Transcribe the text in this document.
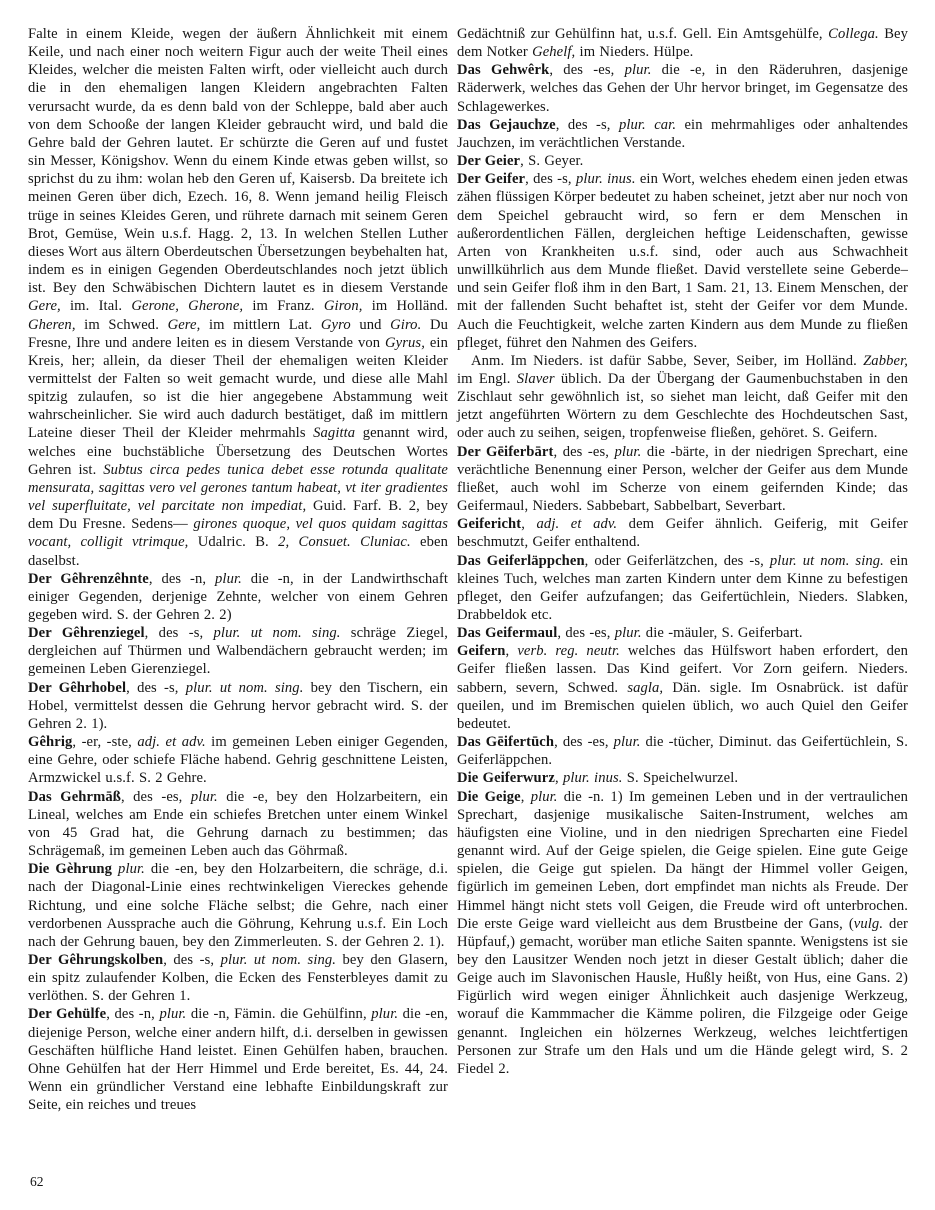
Falte in einem Kleide, wegen der äußern Ähnlichkeit mit einem Keile, und nach einer noch weitern Figur auch der weite Theil eines Kleides, welcher die meisten Falten wirft, oder vielleicht auch durch die in den ehemaligen langen Kleidern angebrachten Falten verursacht wurde, da es denn bald von der Schleppe, bald aber auch von dem Schooße der langen Kleider gebraucht wird, und bald die Gehre bald der Gehren lautet. Er schürzte die Geren auf und fustet sin Messer, Königshov. Wenn du einem Kinde etwas geben willst, so sprichst du zu ihm: wolan heb den Geren uf, Kaisersb. Da breitete ich meinen Geren über dich, Ezech. 16, 8. Wenn jemand heilig Fleisch trüge in seines Kleides Geren, und rührete darnach mit seinem Geren Brot, Gemüse, Wein u.s.f. Hagg. 2, 13. In welchen Stellen Luther dieses Wort aus ältern Oberdeutschen Übersetzungen beybehalten hat, indem es in einigen Gegenden Oberdeutschlandes noch jetzt üblich ist. Bey den Schwäbischen Dichtern lautet es in diesem Verstande Gere, im. Ital. Gerone, Gherone, im Franz. Giron, im Holländ. Gheren, im Schwed. Gere, im mittlern Lat. Gyro und Giro. Du Fresne, Ihre und andere leiten es in diesem Verstande von Gyrus, ein Kreis, her; allein, da dieser Theil der ehemaligen weiten Kleider vermittelst der Falten so weit gemacht wurde, und diese alle Mahl spitzig zulaufen, so ist die hier angegebene Abstammung weit wahrscheinlicher. Sie wird auch dadurch bestätiget, daß im mittlern Lateine dieser Theil der Kleider mehrmahls Sagitta genannt wird, welches eine buchstäbliche Übersetzung des Deutschen Wortes Gehren ist. Subtus circa pedes tunica debet esse rotunda qualitate mensurata, sagittas vero vel gerones tantum habeat, vt iter gradientes vel superfluitate, vel parcitate non impediat, Guid. Farf. B. 2, bey dem Du Fresne. Sedens— girones quoque, vel quos quidam sagittas vocant, colligit vtrimque, Udalric. B. 2, Consuet. Cluniac. eben daselbst.

Der Gêhrenzêhnte, des -n, plur. die -n, in der Landwirthschaft einiger Gegenden, derjenige Zehnte, welcher von einem Gehren gegeben wird. S. der Gehren 2. 2)

Der Gêhrenziegel, des -s, plur. ut nom. sing. schräge Ziegel, dergleichen auf Thürmen und Walbendächern gebraucht werden; im gemeinen Leben Gierenziegel.

Der Gêhrhobel, des -s, plur. ut nom. sing. bey den Tischern, ein Hobel, vermittelst dessen die Gehrung hervor gebracht wird. S. der Gehren 2. 1).

Gêhrig, -er, -ste, adj. et adv. im gemeinen Leben einiger Gegenden, eine Gehre, oder schiefe Fläche habend. Gehrig geschnittene Leisten, Armzwickel u.s.f. S. 2 Gehre.

Das Gehrmāß, des -es, plur. die -e, bey den Holzarbeitern, ein Lineal, welches am Ende ein schiefes Bretchen unter einem Winkel von 45 Grad hat, die Gehrung darnach zu bestimmen; das Schrägemaß, im gemeinen Leben auch das Göhrmaß.

Die Gèhrung plur. die -en, bey den Holzarbeitern, die schräge, d.i. nach der Diagonal-Linie eines rechtwinkeligen Viereckes gehende Richtung, und eine solche Fläche selbst; die Gehre, nach einer verdorbenen Aussprache auch die Göhrung, Kehrung u.s.f. Ein Loch nach der Gehrung bauen, bey den Zimmerleuten. S. der Gehren 2. 1).

Der Gêhrungskolben, des -s, plur. ut nom. sing. bey den Glasern, ein spitz zulaufender Kolben, die Ecken des Fensterbleyes damit zu verlöthen. S. der Gehren 1.

Der Gehülfe, des -n, plur. die -n, Fämin. die Gehülfinn, plur. die -en, diejenige Person, welche einer andern hilft, d.i. derselben in gewissen Geschäften hülfliche Hand leistet. Einen Gehülfen haben, brauchen. Ohne Gehülfen hat der Herr Himmel und Erde bereitet, Es. 44, 24. Wenn ein gründlicher Verstand eine lebhafte Einbildungskraft zur Seite, ein reiches und treues

Gedächtniß zur Gehülfinn hat, u.s.f. Gell. Ein Amtsgehülfe, Collega. Bey dem Notker Gehelf, im Nieders. Hülpe.

Das Gehwêrk, des -es, plur. die -e, in den Räderuhren, dasjenige Räderwerk, welches das Gehen der Uhr hervor bringet, im Gegensatze des Schlagewerkes.

Das Gejauchze, des -s, plur. car. ein mehrmahliges oder anhaltendes Jauchzen, im verächtlichen Verstande.

Der Geier, S. Geyer.

Der Geifer, des -s, plur. inus. ein Wort, welches ehedem einen jeden etwas zähen flüssigen Körper bedeutet zu haben scheinet, jetzt aber nur noch von dem Speichel gebraucht wird, so fern er dem Menschen in außerordentlichen Fällen, dergleichen heftige Leidenschaften, gewisse Arten von Krankheiten u.s.f. sind, oder auch aus Schwachheit unwillkührlich aus dem Munde fließet. David verstellete seine Geberde– und sein Geifer floß ihm in den Bart, 1 Sam. 21, 13. Einem Menschen, der mit der fallenden Sucht behaftet ist, steht der Geifer vor dem Munde. Auch die Feuchtigkeit, welche zarten Kindern aus dem Munde zu fließen pfleget, führet den Nahmen des Geifers.

Anm. Im Nieders. ist dafür Sabbe, Sever, Seiber, im Holländ. Zabber, im Engl. Slaver üblich. Da der Übergang der Gaumenbuchstaben in den Zischlaut sehr gewöhnlich ist, so siehet man leicht, daß Geifer mit den jetzt angeführten Wörtern zu dem Geschlechte des Hochdeutschen Sast, oder auch zu seihen, seigen, tropfenweise fließen, gehöret. S. Geifern.

Der Gēiferbārt, des -es, plur. die -bärte, in der niedrigen Sprechart, eine verächtliche Benennung einer Person, welcher der Geifer aus dem Munde fließet, auch wohl im Scherze von einem geifernden Kinde; das Geifermaul, Nieders. Sabbebart, Sabbelbart, Severbart.

Geifericht, adj. et adv. dem Geifer ähnlich. Geiferig, mit Geifer beschmutzt, Geifer enthaltend.

Das Geiferläppchen, oder Geiferlätzchen, des -s, plur. ut nom. sing. ein kleines Tuch, welches man zarten Kindern unter dem Kinne zu befestigen pfleget, den Geifer aufzufangen; das Geifertüchlein, Nieders. Slabken, Drabbeldok etc.

Das Geifermaul, des -es, plur. die -mäuler, S. Geiferbart.

Geifern, verb. reg. neutr. welches das Hülfswort haben erfordert, den Geifer fließen lassen. Das Kind geifert. Vor Zorn geifern. Nieders. sabbern, severn, Schwed. sagla, Dän. sigle. Im Osnabrück. ist dafür queilen, und im Bremischen quielen üblich, wo auch Quiel den Geifer bedeutet.

Das Gēifertūch, des -es, plur. die -tücher, Diminut. das Geifertüchlein, S. Geiferläppchen.

Die Geiferwurz, plur. inus. S. Speichelwurzel.

Die Geige, plur. die -n. 1) Im gemeinen Leben und in der vertraulichen Sprechart, dasjenige musikalische Saiten-Instrument, welches am häufigsten eine Violine, und in den niedrigen Sprecharten eine Fiedel genannt wird. Auf der Geige spielen, die Geige spielen. Eine gute Geige spielen, die Geige gut spielen. Da hängt der Himmel voller Geigen, figürlich im gemeinen Leben, dort empfindet man nichts als Freude. Der Himmel hängt nicht stets voll Geigen, die Freude wird oft unterbrochen. Die erste Geige ward vielleicht aus dem Brustbeine der Gans, (vulg. der Hüpfauf,) gemacht, worüber man etliche Saiten spannte. Wenigstens ist sie bey den Lausitzer Wenden noch jetzt in dieser Gestalt üblich; daher die Geige auch im Slavonischen Hausle, Hußly heißt, von Hus, eine Gans. 2) Figürlich wird wegen einiger Ähnlichkeit auch dasjenige Werkzeug, worauf die Kammmacher die Kämme poliren, die Filzgeige oder Geige genannt. Ingleichen ein hölzernes Werkzeug, welches leichtfertigen Personen zur Strafe um den Hals und um die Hände gelegt wird, S. 2 Fiedel 2.

62
